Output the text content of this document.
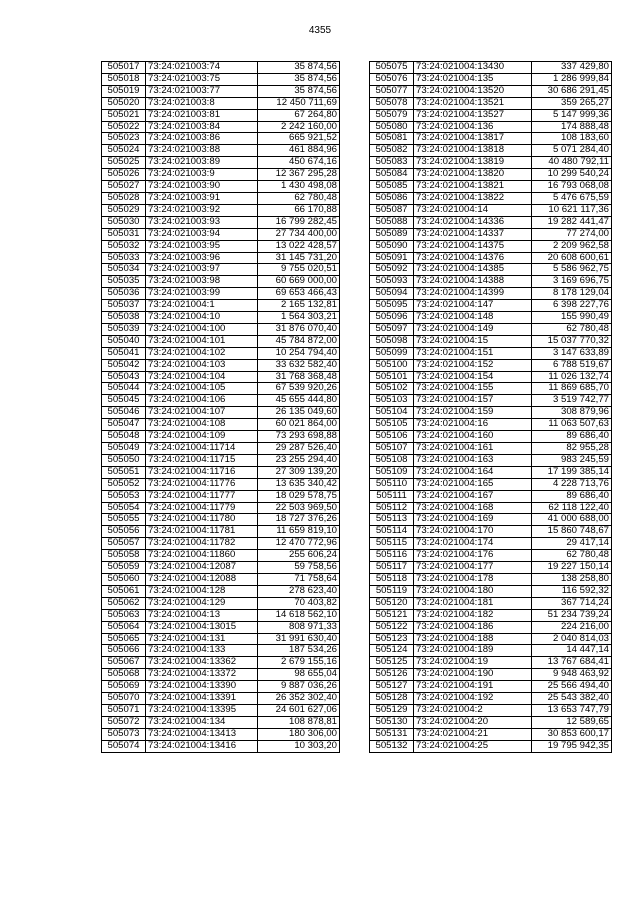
4355
505017	73:24:021003:74	35 874,56
505018	73:24:021003:75	35 874,56
505019	73:24:021003:77	35 874,56
505020	73:24:021003:8	12 450 711,69
505021	73:24:021003:81	67 264,80
505022	73:24:021003:84	2 242 160,00
505023	73:24:021003:86	665 921,52
505024	73:24:021003:88	461 884,96
505025	73:24:021003:89	450 674,16
505026	73:24:021003:9	12 367 295,28
505027	73:24:021003:90	1 430 498,08
505028	73:24:021003:91	62 780,48
505029	73:24:021003:92	66 170,88
505030	73:24:021003:93	16 799 282,45
505031	73:24:021003:94	27 734 400,00
505032	73:24:021003:95	13 022 428,57
505033	73:24:021003:96	31 145 731,20
505034	73:24:021003:97	9 755 020,51
505035	73:24:021003:98	60 669 000,00
505036	73:24:021003:99	69 653 466,43
505037	73:24:021004:1	2 165 132,81
505038	73:24:021004:10	1 564 303,21
505039	73:24:021004:100	31 876 070,40
505040	73:24:021004:101	45 784 872,00
505041	73:24:021004:102	10 254 794,40
505042	73:24:021004:103	33 632 582,40
505043	73:24:021004:104	31 768 368,48
505044	73:24:021004:105	67 539 920,26
505045	73:24:021004:106	45 655 444,80
505046	73:24:021004:107	26 135 049,60
505047	73:24:021004:108	60 021 864,00
505048	73:24:021004:109	73 293 698,88
505049	73:24:021004:11714	29 287 526,40
505050	73:24:021004:11715	23 255 294,40
505051	73:24:021004:11716	27 309 139,20
505052	73:24:021004:11776	13 635 340,42
505053	73:24:021004:11777	18 029 578,75
505054	73:24:021004:11779	22 503 969,50
505055	73:24:021004:11780	18 727 376,26
505056	73:24:021004:11781	11 659 819,10
505057	73:24:021004:11782	12 470 772,96
505058	73:24:021004:11860	255 606,24
505059	73:24:021004:12087	59 758,56
505060	73:24:021004:12088	71 758,64
505061	73:24:021004:128	278 623,40
505062	73:24:021004:129	70 403,82
505063	73:24:021004:13	14 618 562,10
505064	73:24:021004:13015	808 971,33
505065	73:24:021004:131	31 991 630,40
505066	73:24:021004:133	187 534,26
505067	73:24:021004:13362	2 679 155,16
505068	73:24:021004:13372	98 655,04
505069	73:24:021004:13390	9 887 036,26
505070	73:24:021004:13391	26 352 302,40
505071	73:24:021004:13395	24 601 627,06
505072	73:24:021004:134	108 878,81
505073	73:24:021004:13413	180 306,00
505074	73:24:021004:13416	10 303,20
505075	73:24:021004:13430	337 429,80
505076	73:24:021004:135	1 286 999,84
505077	73:24:021004:13520	30 686 291,45
505078	73:24:021004:13521	359 265,27
505079	73:24:021004:13527	5 147 999,36
505080	73:24:021004:136	174 888,48
505081	73:24:021004:13817	108 183,60
505082	73:24:021004:13818	5 071 284,40
505083	73:24:021004:13819	40 480 792,11
505084	73:24:021004:13820	10 299 540,24
505085	73:24:021004:13821	16 793 068,08
505086	73:24:021004:13822	5 476 675,59
505087	73:24:021004:14	10 621 117,36
505088	73:24:021004:14336	19 282 441,47
505089	73:24:021004:14337	77 274,00
505090	73:24:021004:14375	2 209 962,58
505091	73:24:021004:14376	20 608 600,61
505092	73:24:021004:14385	5 586 962,75
505093	73:24:021004:14388	3 169 696,75
505094	73:24:021004:14399	8 178 129,04
505095	73:24:021004:147	6 398 227,76
505096	73:24:021004:148	155 990,49
505097	73:24:021004:149	62 780,48
505098	73:24:021004:15	15 037 770,32
505099	73:24:021004:151	3 147 633,89
505100	73:24:021004:152	6 788 519,67
505101	73:24:021004:154	11 026 132,74
505102	73:24:021004:155	11 869 685,70
505103	73:24:021004:157	3 519 742,77
505104	73:24:021004:159	308 879,96
505105	73:24:021004:16	11 063 507,63
505106	73:24:021004:160	89 686,40
505107	73:24:021004:161	82 955,28
505108	73:24:021004:163	983 245,59
505109	73:24:021004:164	17 199 385,14
505110	73:24:021004:165	4 228 713,76
505111	73:24:021004:167	89 686,40
505112	73:24:021004:168	62 118 122,40
505113	73:24:021004:169	41 000 688,00
505114	73:24:021004:170	15 860 748,67
505115	73:24:021004:174	29 417,14
505116	73:24:021004:176	62 780,48
505117	73:24:021004:177	19 227 150,14
505118	73:24:021004:178	138 258,80
505119	73:24:021004:180	116 592,32
505120	73:24:021004:181	367 714,24
505121	73:24:021004:182	51 234 739,24
505122	73:24:021004:186	224 216,00
505123	73:24:021004:188	2 040 814,03
505124	73:24:021004:189	14 447,14
505125	73:24:021004:19	13 767 684,41
505126	73:24:021004:190	9 948 463,92
505127	73:24:021004:191	25 566 494,40
505128	73:24:021004:192	25 543 382,40
505129	73:24:021004:2	13 653 747,79
505130	73:24:021004:20	12 589,65
505131	73:24:021004:21	30 853 600,17
505132	73:24:021004:25	19 795 942,35
